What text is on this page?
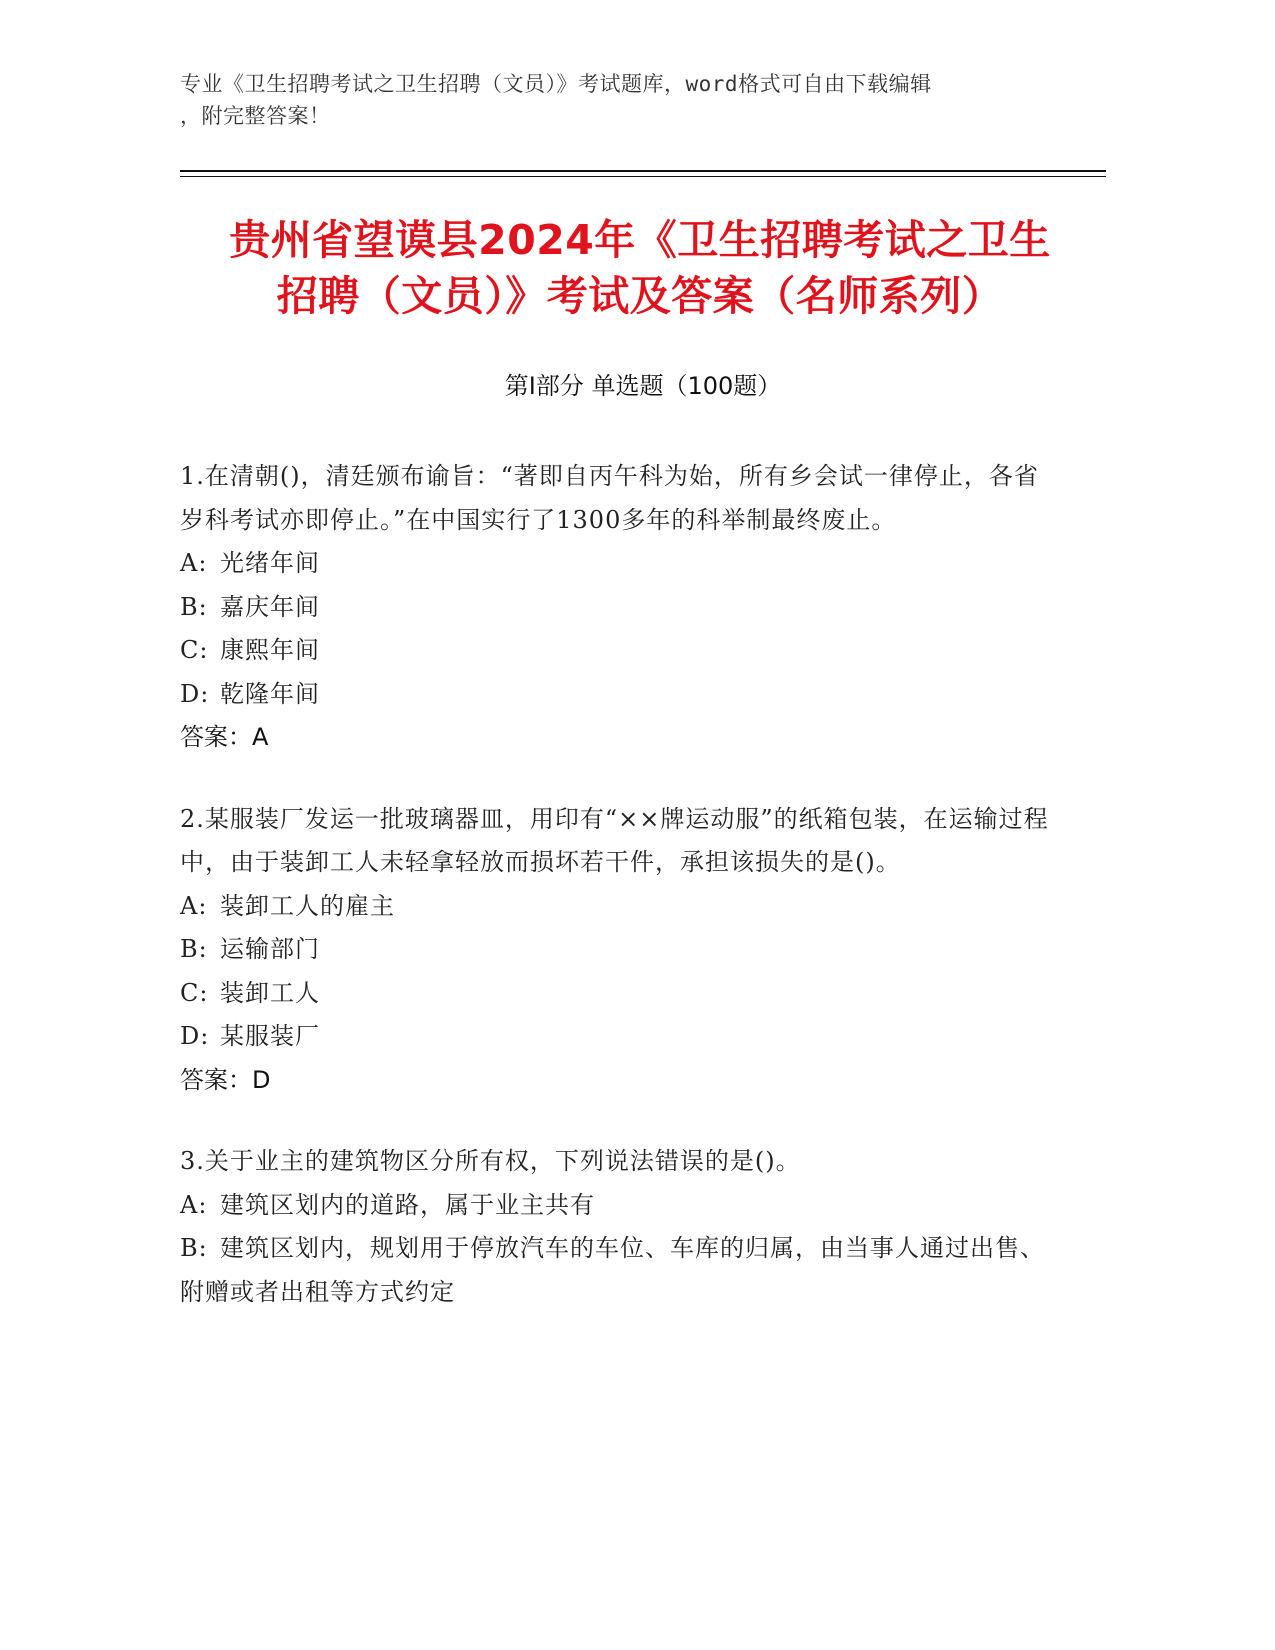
专业《卫生招聘考试之卫生招聘（文员）》考试题库，word格式可自由下载编辑
，附完整答案！
贵州省望谟县2024年《卫生招聘考试之卫生
招聘（文员）》考试及答案（名师系列）
第Ⅰ部分 单选题（100题）
1.在清朝()，清廷颁布谕旨：“著即自丙午科为始，所有乡会试一律停止，各省岁科考试亦即停止。”在中国实行了1300多年的科举制最终废止。
A: 光绪年间
B: 嘉庆年间
C: 康熙年间
D: 乾隆年间
答案：A
2.某服装厂发运一批玻璃器皿，用印有“××牌运动服”的纸箱包装，在运输过程中，由于装卸工人未轻拿轻放而损坏若干件，承担该损失的是()。
A: 装卸工人的雇主
B: 运输部门
C: 装卸工人
D: 某服装厂
答案：D
3.关于业主的建筑物区分所有权，下列说法错误的是()。
A: 建筑区划内的道路，属于业主共有
B: 建筑区划内，规划用于停放汽车的车位、车库的归属，由当事人通过出售、附赠或者出租等方式约定
